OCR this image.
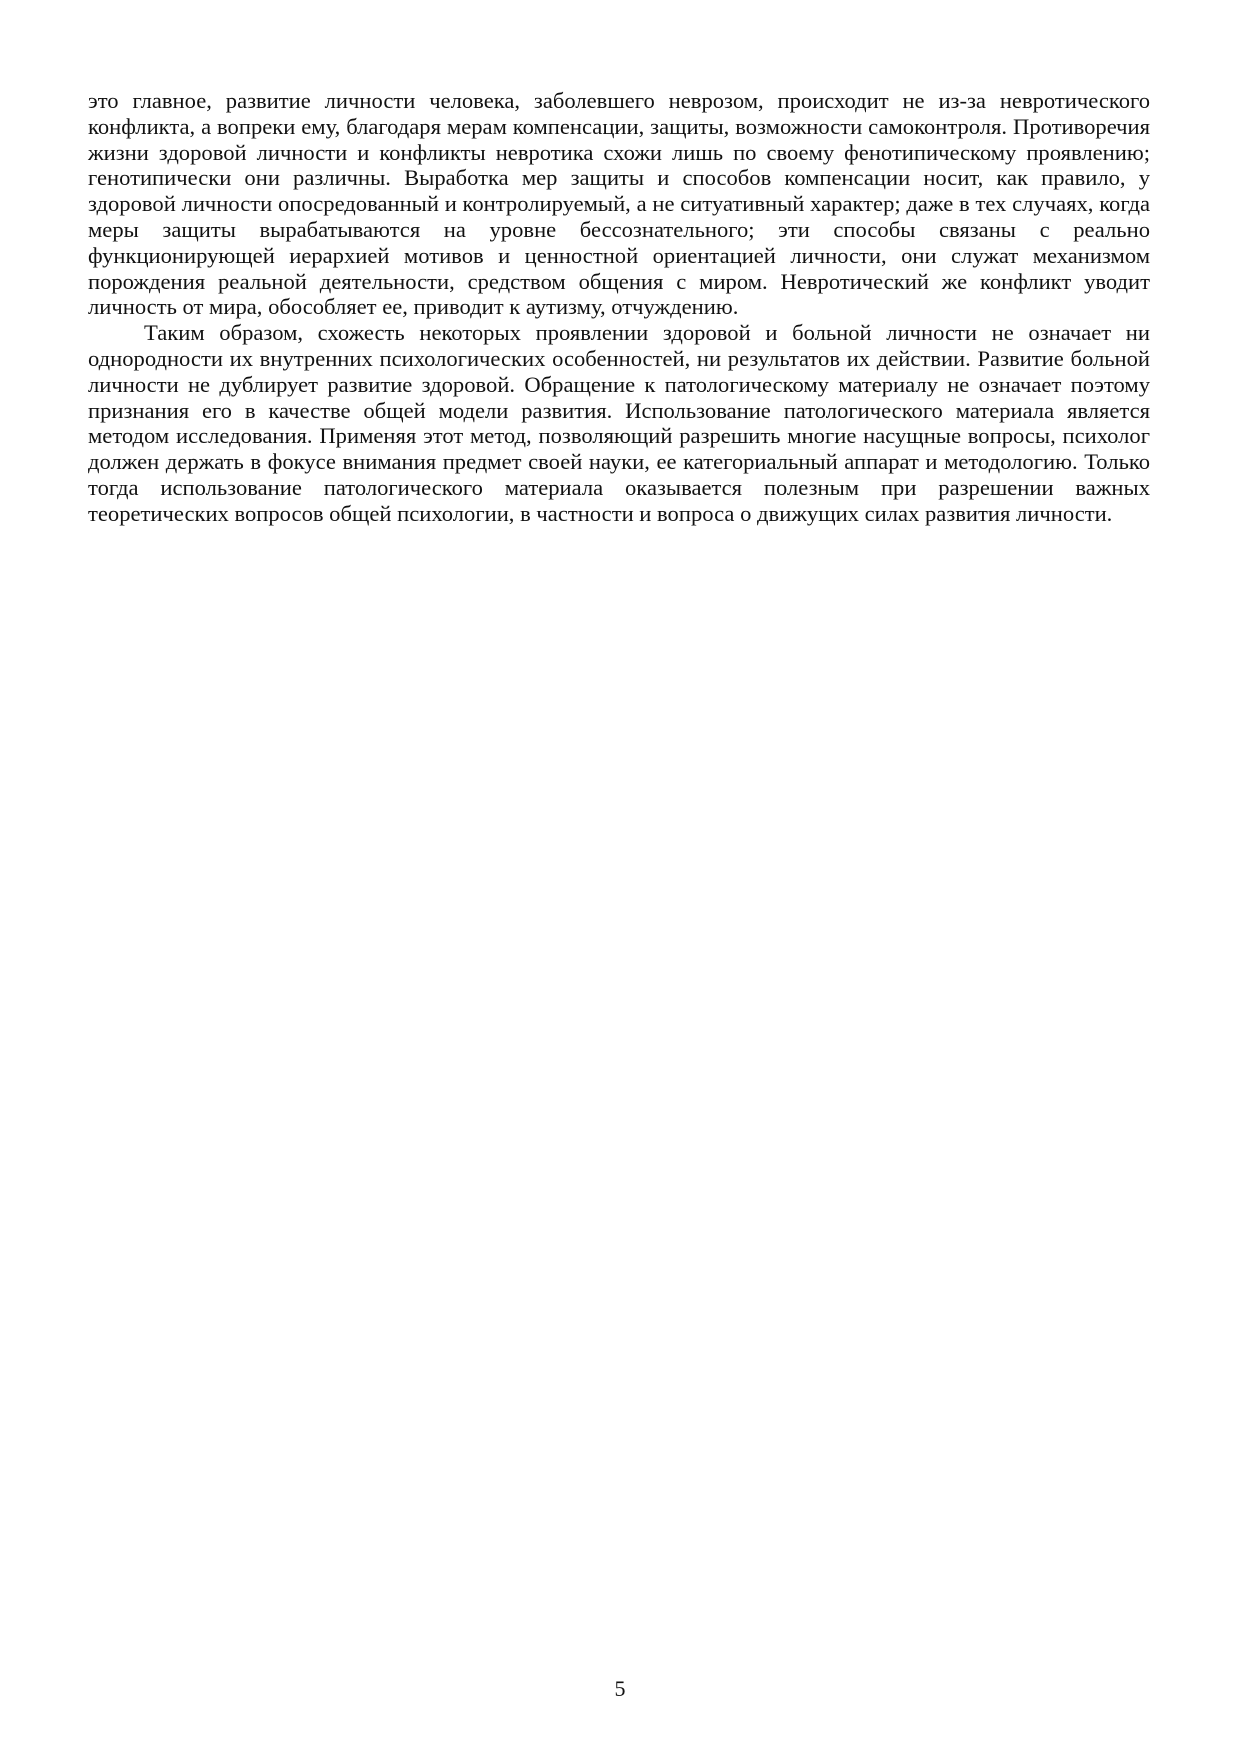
это главное, развитие личности человека, заболевшего неврозом, происходит не из-за невротического конфликта, а вопреки ему, благодаря мерам компенсации, защиты, возможности самоконтроля. Противоречия жизни здоровой личности и конфликты невротика схожи лишь по своему фенотипическому проявлению; генотипически они различны. Выработка мер защиты и способов компенсации носит, как правило, у здоровой личности опосредованный и контролируемый, а не ситуативный характер; даже в тех случаях, когда меры защиты вырабатываются на уровне бессознательного; эти способы связаны с реально функционирующей иерархией мотивов и ценностной ориентацией личности, они служат механизмом порождения реальной деятельности, средством общения с миром. Невротический же конфликт уводит личность от мира, обособляет ее, приводит к аутизму, отчуждению.

Таким образом, схожесть некоторых проявлении здоровой и больной личности не означает ни однородности их внутренних психологических особенностей, ни результатов их действии. Развитие больной личности не дублирует развитие здоровой. Обращение к патологическому материалу не означает поэтому признания его в качестве общей модели развития. Использование патологического материала является методом исследования. Применяя этот метод, позволяющий разрешить многие насущные вопросы, психолог должен держать в фокусе внимания предмет своей науки, ее категориальный аппарат и методологию. Только тогда использование патологического материала оказывается полезным при разрешении важных теоретических вопросов общей психологии, в частности и вопроса о движущих силах развития личности.

5
